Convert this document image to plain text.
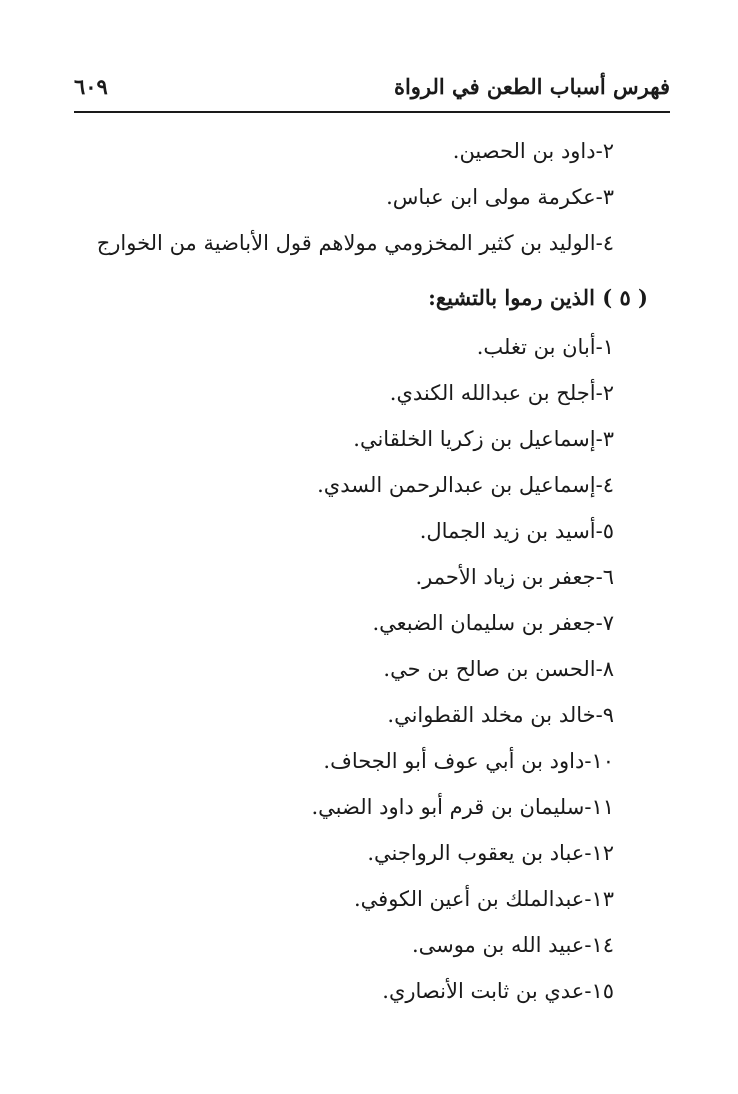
فهرس أسباب الطعن في الرواة
٦٠٩
٢-داود بن الحصين.
٣-عكرمة مولى ابن عباس.
٤-الوليد بن كثير المخزومي مولاهم قول الأباضية من الخوارج
( ٥ ) الذين رموا بالتشيع:
١-أبان بن تغلب.
٢-أجلح بن عبدالله الكندي.
٣-إسماعيل بن زكريا الخلقاني.
٤-إسماعيل بن عبدالرحمن السدي.
٥-أسيد بن زيد الجمال.
٦-جعفر بن زياد الأحمر.
٧-جعفر بن سليمان الضبعي.
٨-الحسن بن صالح بن حي.
٩-خالد بن مخلد القطواني.
١٠-داود بن أبي عوف أبو الجحاف.
١١-سليمان بن قرم أبو داود الضبي.
١٢-عباد بن يعقوب الرواجني.
١٣-عبدالملك بن أعين الكوفي.
١٤-عبيد الله بن موسى.
١٥-عدي بن ثابت الأنصاري.
